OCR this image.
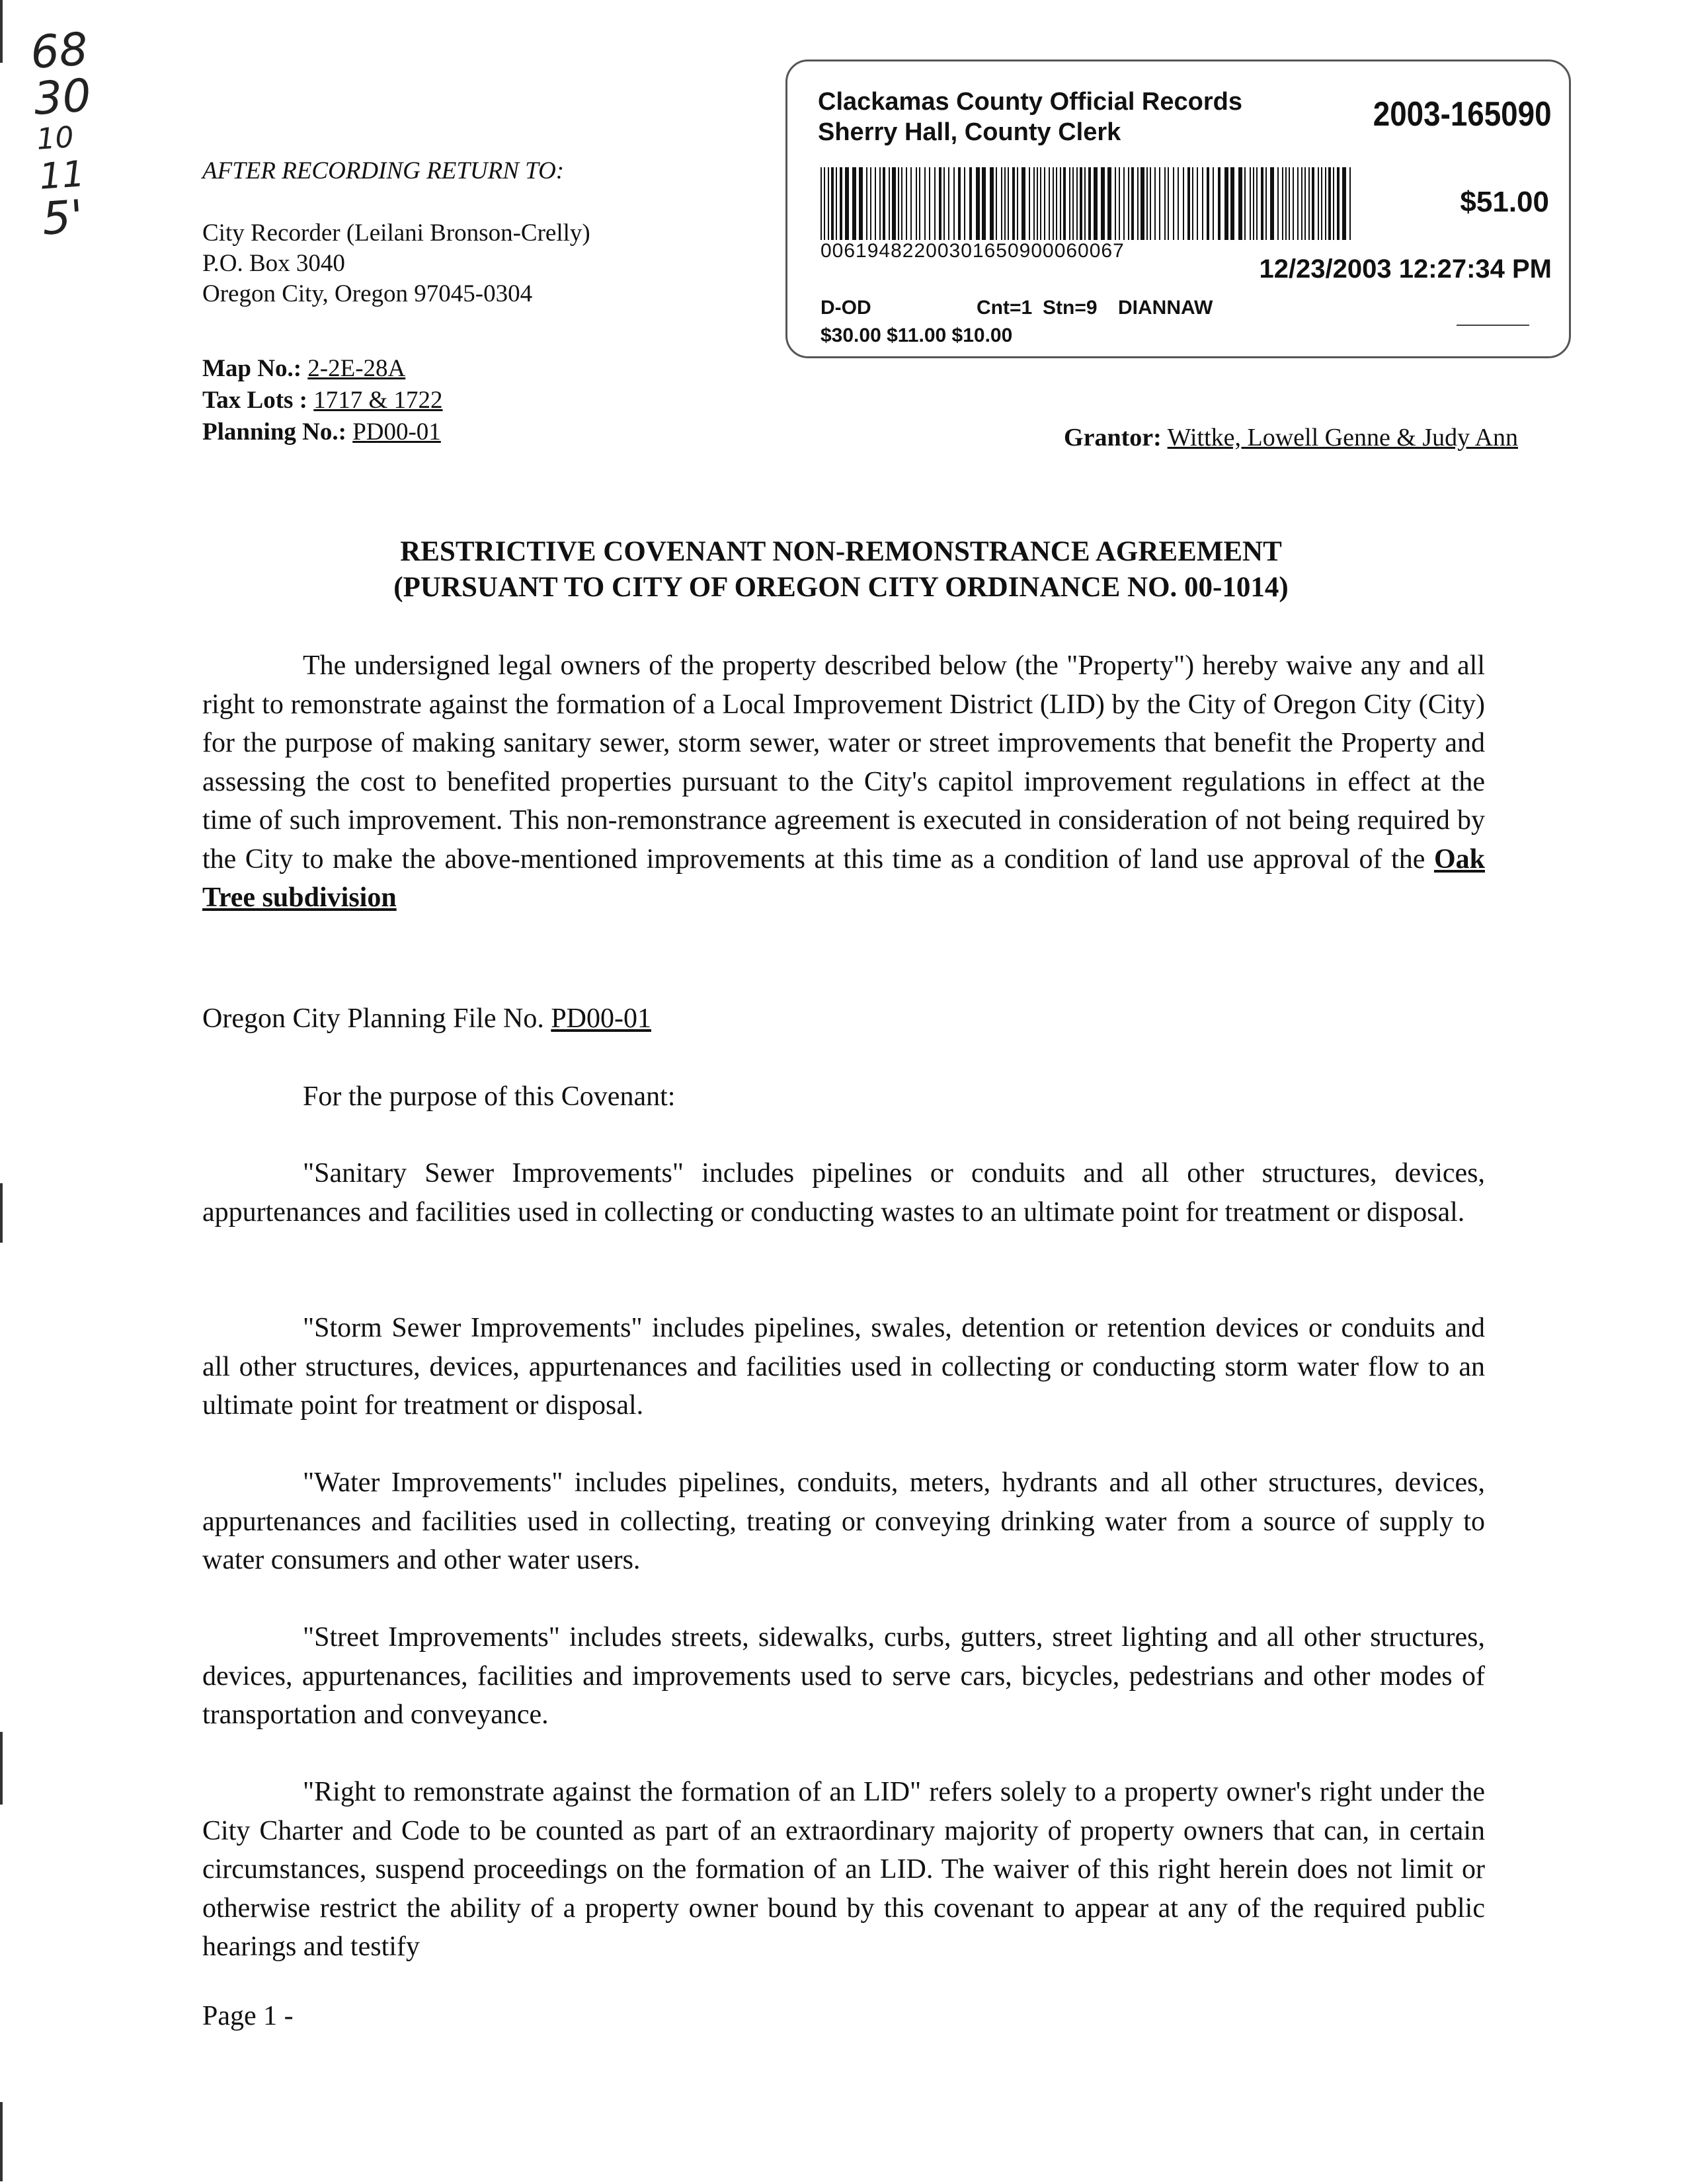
68
30
10
11
5'
AFTER RECORDING RETURN TO:
City Recorder (Leilani Bronson-Crelly)
P.O. Box 3040
Oregon City, Oregon 97045-0304
Map No.: 2-2E-28A
Tax Lots : 1717 & 1722
Planning No.: PD00-01
Clackamas County Official Records
Sherry Hall, County Clerk	2003-165090
$51.00
00619482200301650900060067
12/23/2003 12:27:34 PM
D-OD	Cnt=1 Stn=9 DIANNAW
$30.00 $11.00 $10.00
Grantor: Wittke, Lowell Genne & Judy Ann
RESTRICTIVE COVENANT NON-REMONSTRANCE AGREEMENT
(PURSUANT TO CITY OF OREGON CITY ORDINANCE NO. 00-1014)

The undersigned legal owners of the property described below (the "Property") hereby waive any and all right to remonstrate against the formation of a Local Improvement District (LID) by the City of Oregon City (City) for the purpose of making sanitary sewer, storm sewer, water or street improvements that benefit the Property and assessing the cost to benefited properties pursuant to the City's capitol improvement regulations in effect at the time of such improvement. This non-remonstrance agreement is executed in consideration of not being required by the City to make the above-mentioned improvements at this time as a condition of land use approval of the Oak Tree subdivision

Oregon City Planning File No. PD00-01
For the purpose of this Covenant:

"Sanitary Sewer Improvements" includes pipelines or conduits and all other structures, devices, appurtenances and facilities used in collecting or conducting wastes to an ultimate point for treatment or disposal.

"Storm Sewer Improvements" includes pipelines, swales, detention or retention devices or conduits and all other structures, devices, appurtenances and facilities used in collecting or conducting storm water flow to an ultimate point for treatment or disposal.

"Water Improvements" includes pipelines, conduits, meters, hydrants and all other structures, devices, appurtenances and facilities used in collecting, treating or conveying drinking water from a source of supply to water consumers and other water users.

"Street Improvements" includes streets, sidewalks, curbs, gutters, street lighting and all other structures, devices, appurtenances, facilities and improvements used to serve cars, bicycles, pedestrians and other modes of transportation and conveyance.

"Right to remonstrate against the formation of an LID" refers solely to a property owner's right under the City Charter and Code to be counted as part of an extraordinary majority of property owners that can, in certain circumstances, suspend proceedings on the formation of an LID. The waiver of this right herein does not limit or otherwise restrict the ability of a property owner bound by this covenant to appear at any of the required public hearings and testify

Page 1 -
